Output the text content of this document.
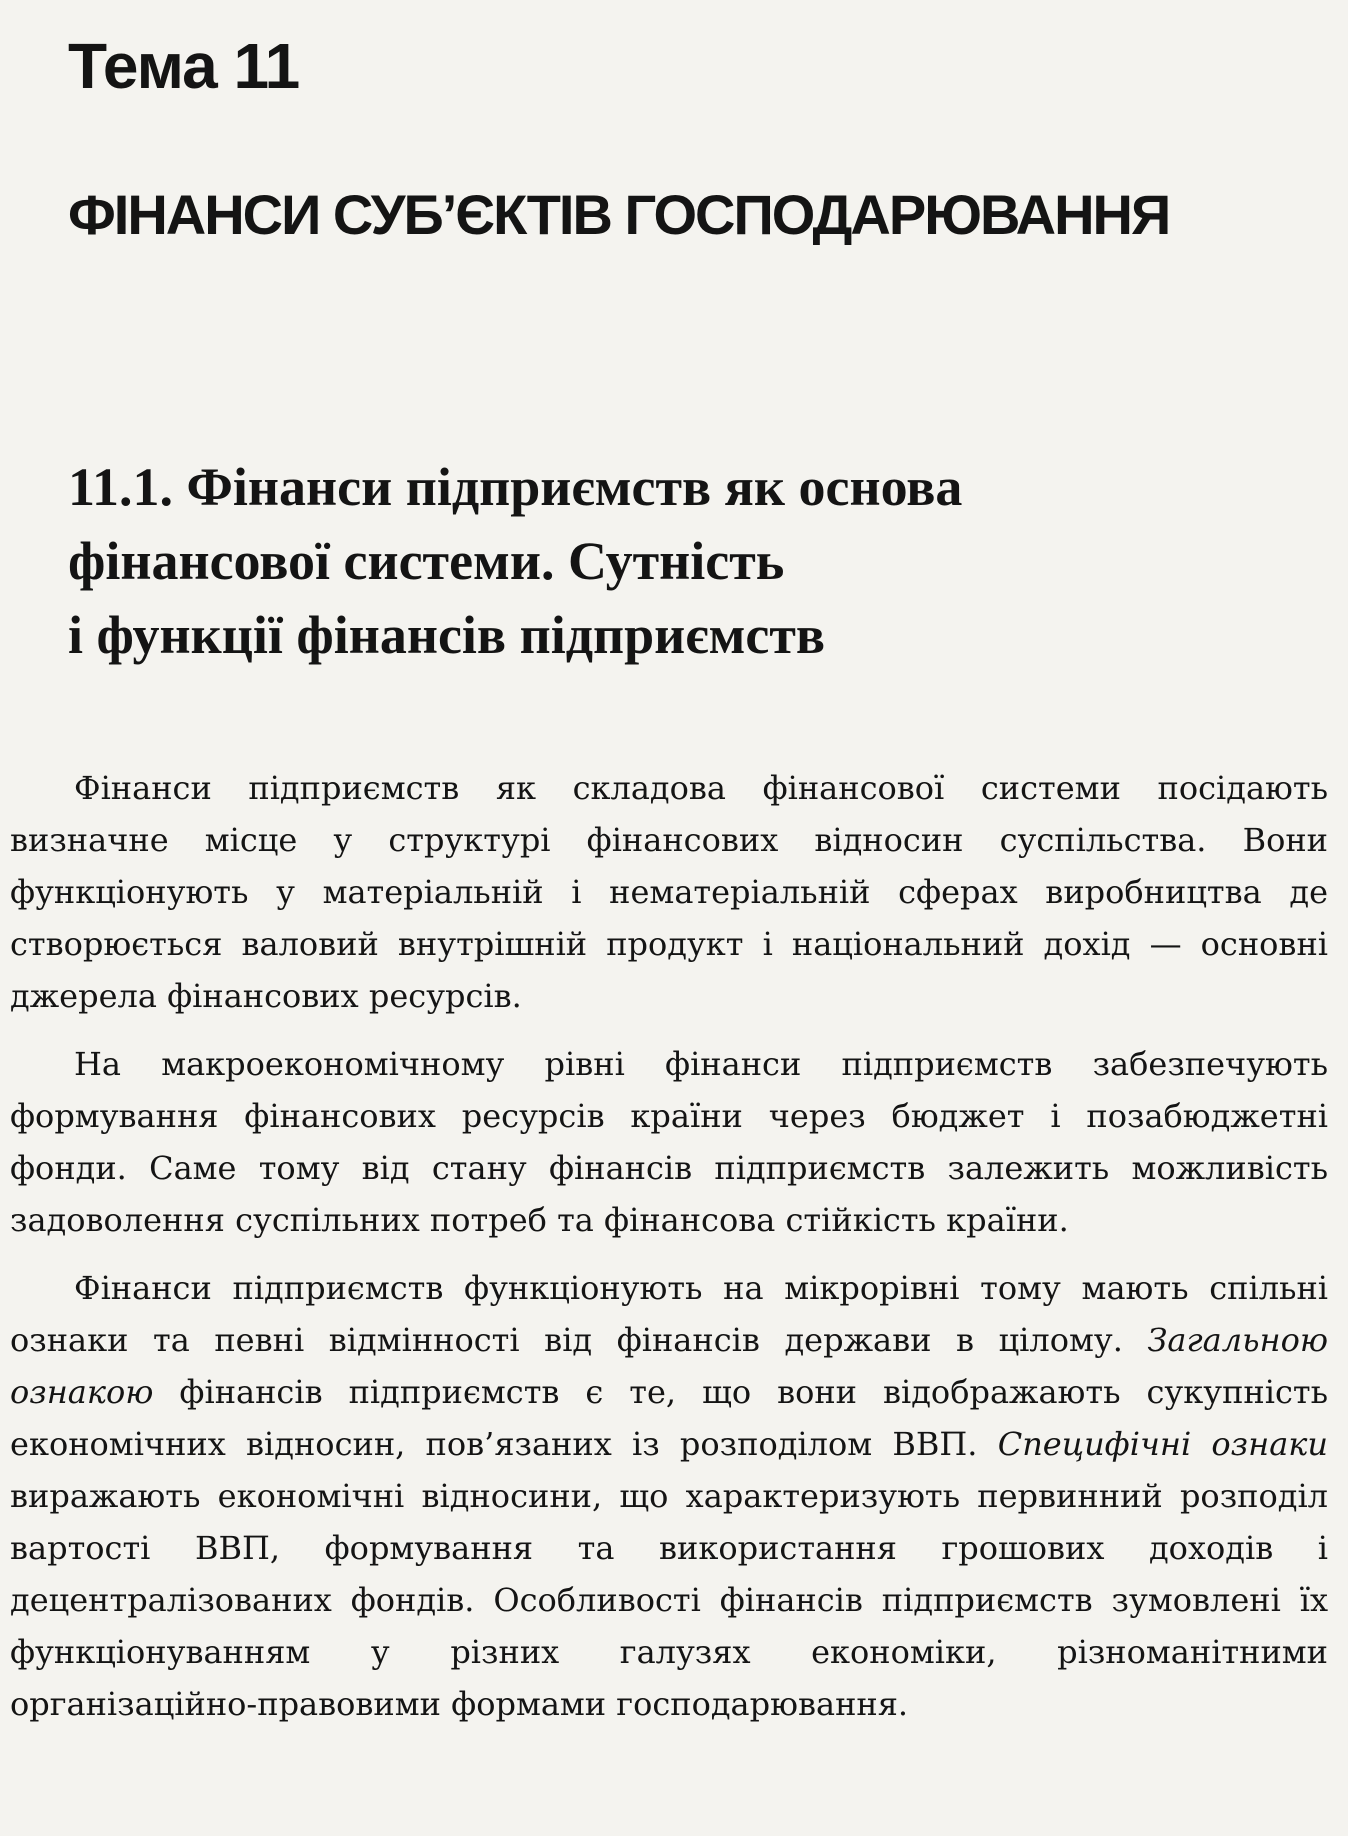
Тема 11
ФІНАНСИ СУБ’ЄКТІВ ГОСПОДАРЮВАННЯ
11.1. Фінанси підприємств як основа
фінансової системи. Сутність
і функції фінансів підприємств

Фінанси підприємств як складова фінансової системи посідають визначне місце у структурі фінансових відносин суспільства. Вони функціонують у матеріальній і нематеріальній сферах виробництва де створюється валовий внутрішній продукт і національний дохід — основні джерела фінансових ресурсів.

На макроекономічному рівні фінанси підприємств забезпечують формування фінансових ресурсів країни через бюджет і позабюджетні фонди. Саме тому від стану фінансів підприємств залежить можливість задоволення суспільних потреб та фінансова стійкість країни.

Фінанси підприємств функціонують на мікрорівні тому мають спільні ознаки та певні відмінності від фінансів держави в цілому. Загальною ознакою фінансів підприємств є те, що вони відображають сукупність економічних відносин, пов’язаних із розподілом ВВП. Специфічні ознаки виражають економічні відносини, що характеризують первинний розподіл вартості ВВП, формування та використання грошових доходів і децентралізованих фондів. Особливості фінансів підприємств зумовлені їх функціонуванням у різних галузях економіки, різноманітними організаційно-правовими формами господарювання.
